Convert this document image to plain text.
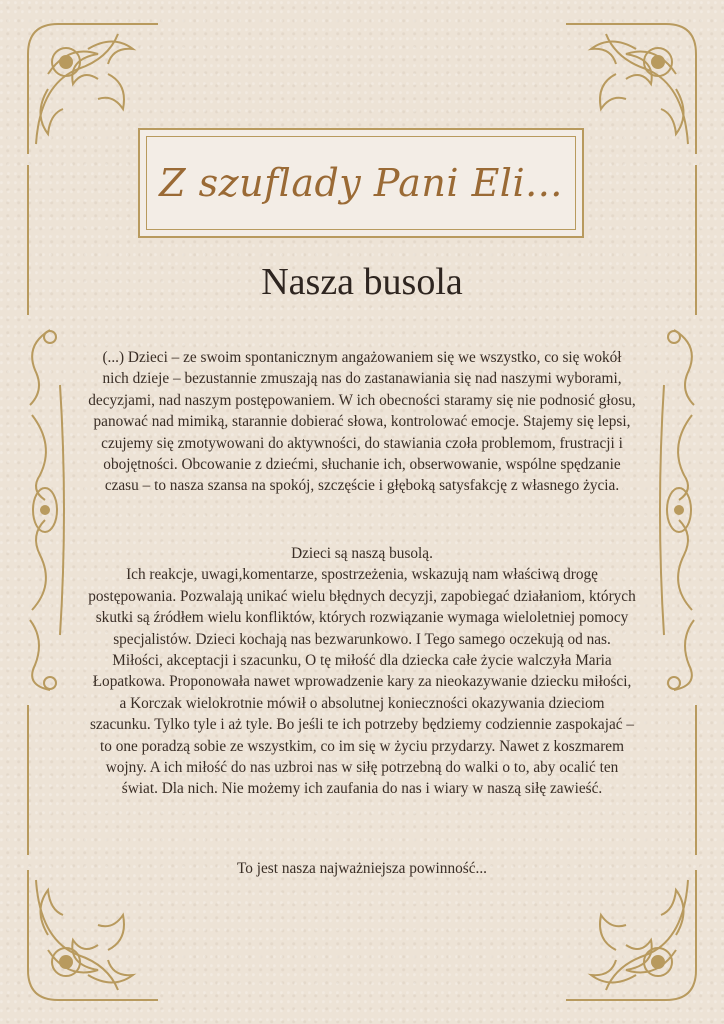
Z szuflady Pani Eli...
Nasza busola
(...) Dzieci – ze swoim spontanicznym angażowaniem się we wszystko, co się wokół nich dzieje – bezustannie zmuszają nas do zastanawiania się nad naszymi wyborami, decyzjami, nad naszym postępowaniem. W ich obecności staramy się nie podnosić głosu, panować nad mimiką, starannie dobierać słowa, kontrolować emocje. Stajemy się lepsi, czujemy się zmotywowani do aktywności, do stawiania czoła problemom, frustracji i obojętności. Obcowanie z dziećmi, słuchanie ich, obserwowanie, wspólne spędzanie czasu – to nasza szansa na spokój, szczęście i głęboką satysfakcję z własnego życia.
Dzieci są naszą busolą.
Ich reakcje, uwagi,komentarze, spostrzeżenia, wskazują nam właściwą drogę postępowania. Pozwalają unikać wielu błędnych decyzji, zapobiegać działaniom, których skutki są źródłem wielu konfliktów, których rozwiązanie wymaga wieloletniej pomocy specjalistów. Dzieci kochają nas bezwarunkowo. I Tego samego oczekują od nas. Miłości, akceptacji i szacunku, O tę miłość dla dziecka całe życie walczyła Maria Łopatkowa. Proponowała nawet wprowadzenie kary za nieokazywanie dziecku miłości, a Korczak wielokrotnie mówił o absolutnej konieczności okazywania dzieciom szacunku. Tylko tyle i aż tyle. Bo jeśli te ich potrzeby będziemy codziennie zaspokajać – to one poradzą sobie ze wszystkim, co im się w życiu przydarzy. Nawet z koszmarem wojny. A ich miłość do nas uzbroi nas w siłę potrzebną do walki o to, aby ocalić ten świat. Dla nich. Nie możemy ich zaufania do nas i wiary w naszą siłę zawieść.
To jest nasza najważniejsza powinność...
